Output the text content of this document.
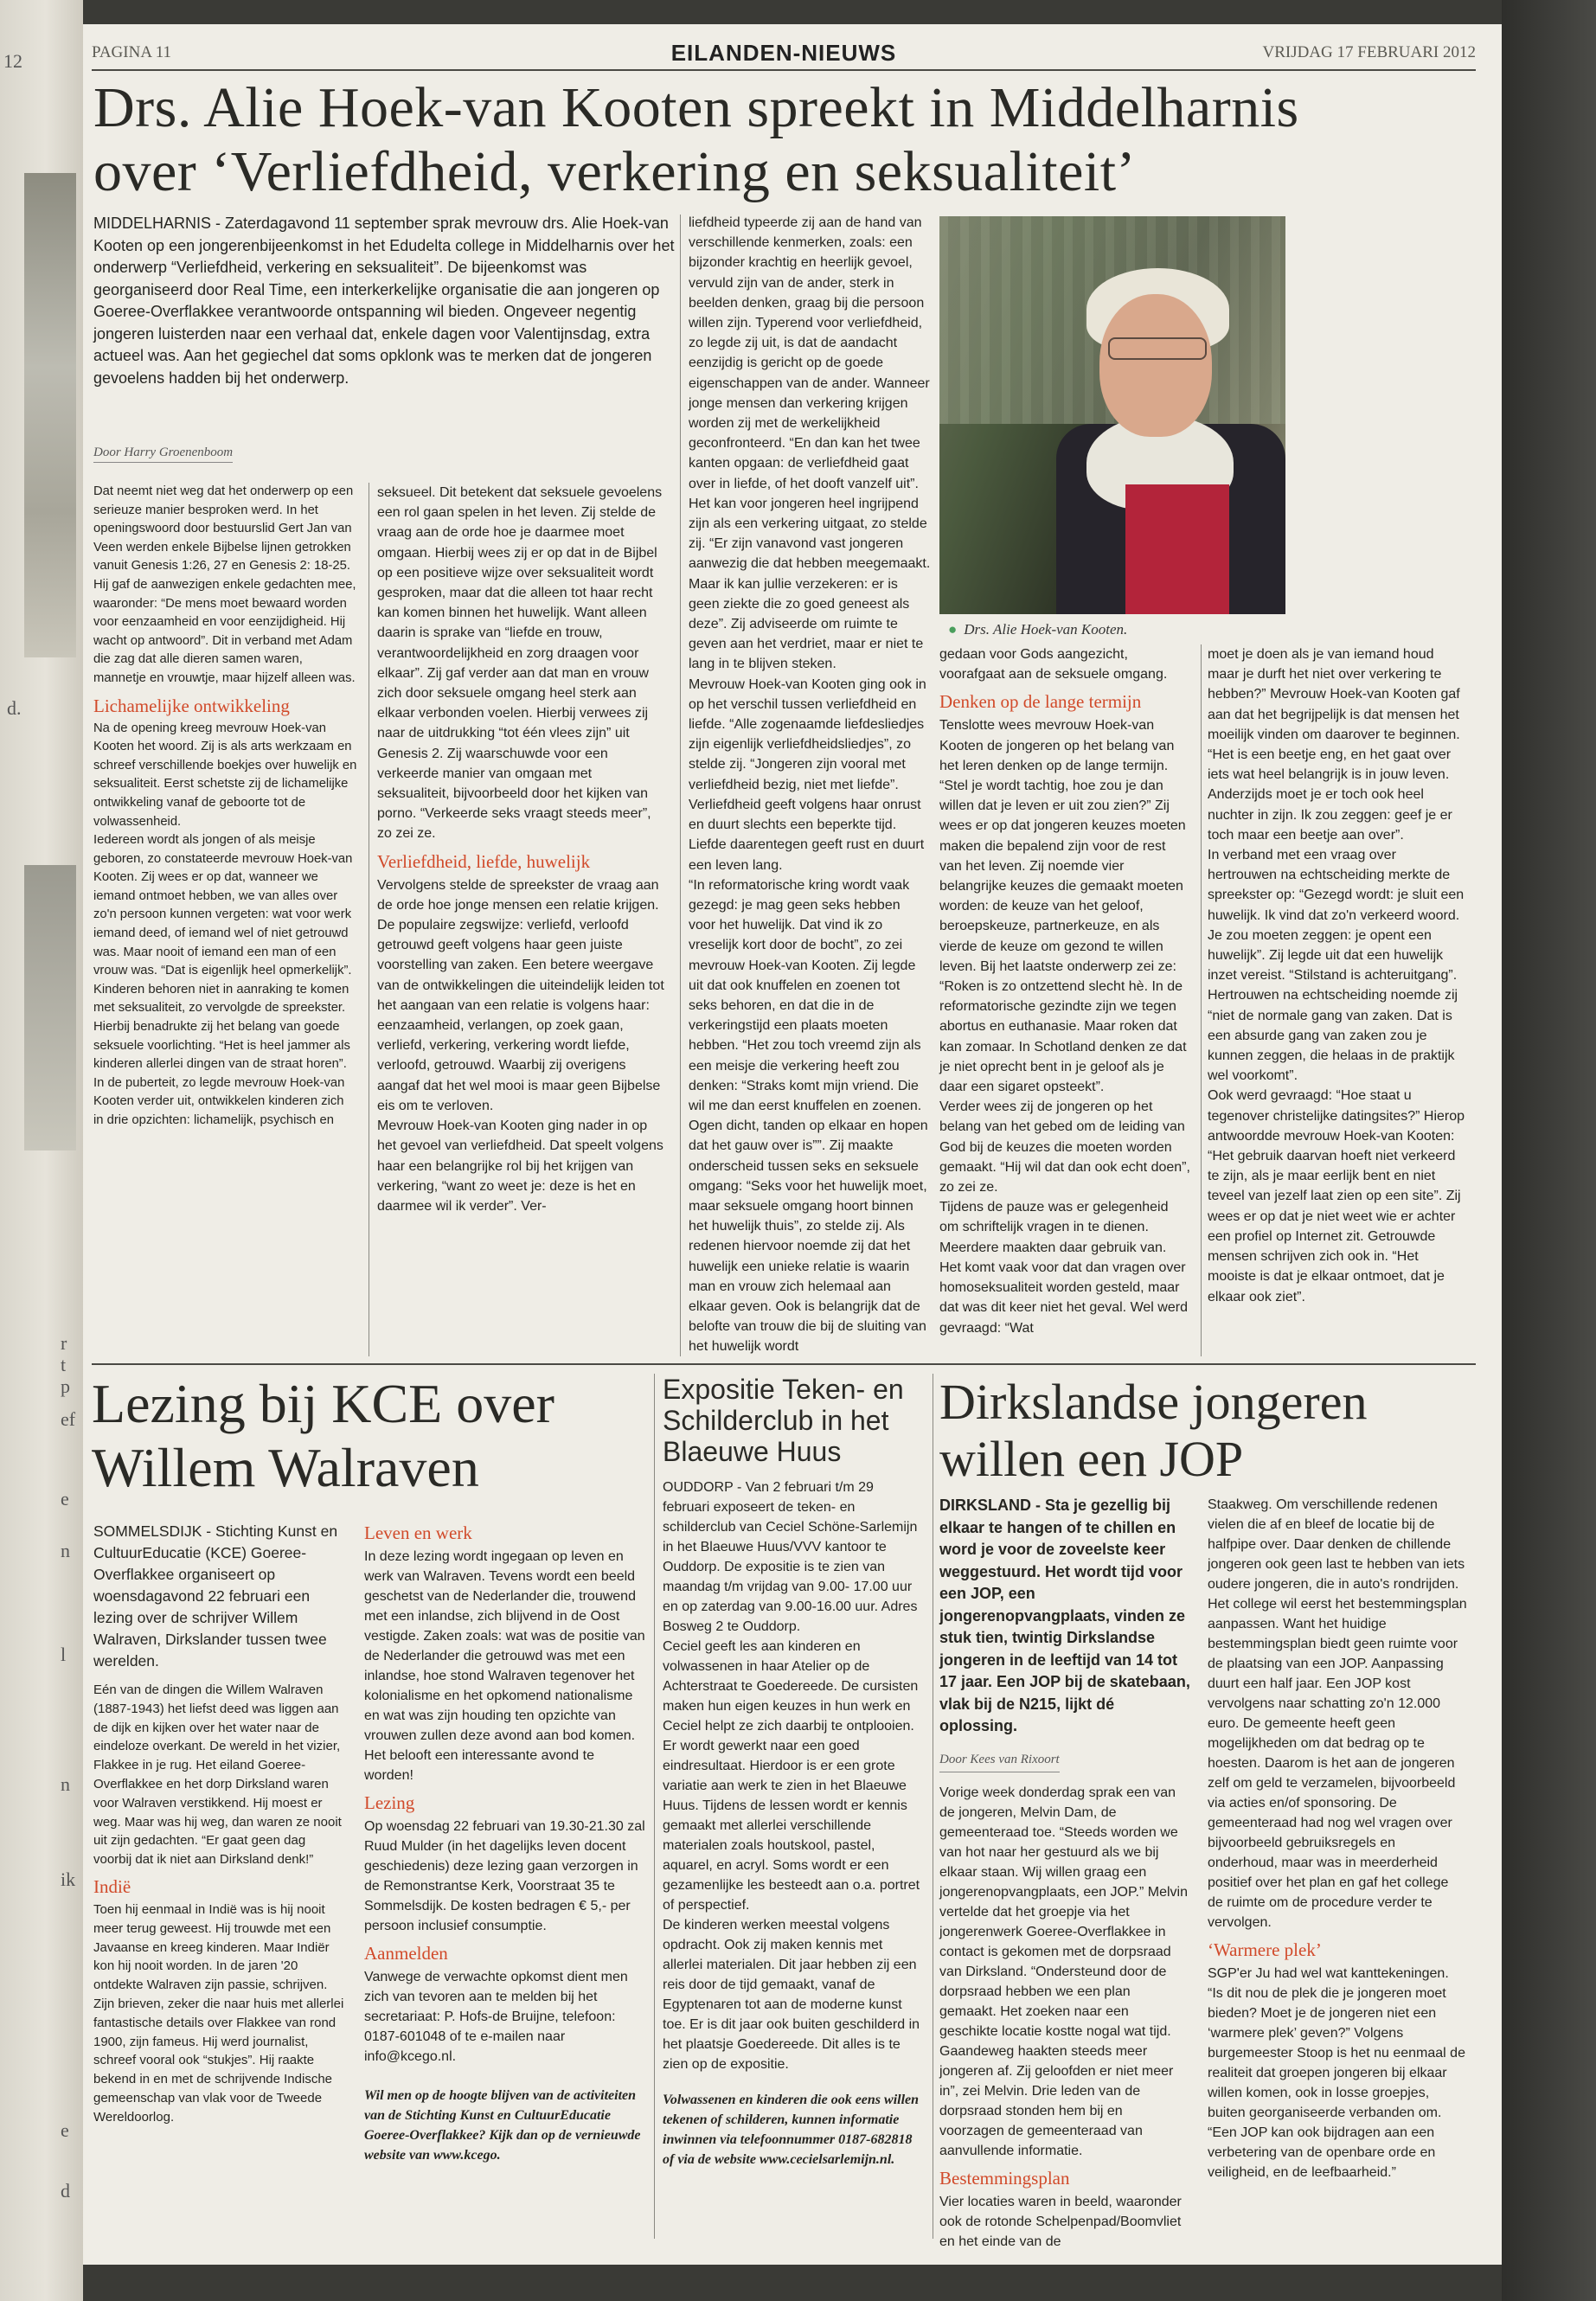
12
d.
r
t
p
ef
e
n
l
n
ik
e
d
PAGINA 11	EILANDEN-NIEUWS	VRIJDAG 17 FEBRUARI 2012
Drs. Alie Hoek-van Kooten spreekt in Middelharnis
over ‘Verliefdheid, verkering en seksualiteit’
MIDDELHARNIS - Zaterdagavond 11 september sprak mevrouw drs. Alie Hoek-van Kooten op een jongerenbijeenkomst in het Edudelta college in Middelharnis over het onderwerp “Verliefdheid, verkering en seksualiteit”. De bijeenkomst was georganiseerd door Real Time, een interkerkelijke organisatie die aan jongeren op Goeree-Overflakkee verantwoorde ontspanning wil bieden. Ongeveer negentig jongeren luisterden naar een verhaal dat, enkele dagen voor Valentijnsdag, extra actueel was. Aan het gegiechel dat soms opklonk was te merken dat de jongeren gevoelens hadden bij het onderwerp.
Door Harry Groenenboom

Dat neemt niet weg dat het onderwerp op een serieuze manier besproken werd. In het openingswoord door bestuurslid Gert Jan van Veen werden enkele Bijbelse lijnen getrokken vanuit Genesis 1:26, 27 en Genesis 2: 18-25. Hij gaf de aanwezigen enkele gedachten mee, waaronder: “De mens moet bewaard worden voor eenzaamheid en voor eenzijdigheid. Hij wacht op antwoord”. Dit in verband met Adam die zag dat alle dieren samen waren, mannetje en vrouwtje, maar hijzelf alleen was.

Lichamelijke ontwikkeling

Na de opening kreeg mevrouw Hoek-van Kooten het woord. Zij is als arts werkzaam en schreef verschillende boekjes over huwelijk en seksualiteit. Eerst schetste zij de lichamelijke ontwikkeling vanaf de geboorte tot de volwassenheid.

Iedereen wordt als jongen of als meisje geboren, zo constateerde mevrouw Hoek-van Kooten. Zij wees er op dat, wanneer we iemand ontmoet hebben, we van alles over zo'n persoon kunnen vergeten: wat voor werk iemand deed, of iemand wel of niet getrouwd was. Maar nooit of iemand een man of een vrouw was. “Dat is eigenlijk heel opmerkelijk”.

Kinderen behoren niet in aanraking te komen met seksualiteit, zo vervolgde de spreekster. Hierbij benadrukte zij het belang van goede seksuele voorlichting. “Het is heel jammer als kinderen allerlei dingen van de straat horen”.

In de puberteit, zo legde mevrouw Hoek-van Kooten verder uit, ontwikkelen kinderen zich in drie opzichten: lichamelijk, psychisch en

seksueel. Dit betekent dat seksuele gevoelens een rol gaan spelen in het leven. Zij stelde de vraag aan de orde hoe je daarmee moet omgaan. Hierbij wees zij er op dat in de Bijbel op een positieve wijze over seksualiteit wordt gesproken, maar dat die alleen tot haar recht kan komen binnen het huwelijk. Want alleen daarin is sprake van “liefde en trouw, verantwoordelijkheid en zorg draagen voor elkaar”. Zij gaf verder aan dat man en vrouw zich door seksuele omgang heel sterk aan elkaar verbonden voelen. Hierbij verwees zij naar de uitdrukking “tot één vlees zijn” uit Genesis 2. Zij waarschuwde voor een verkeerde manier van omgaan met seksualiteit, bijvoorbeeld door het kijken van porno. “Verkeerde seks vraagt steeds meer”, zo zei ze.

Verliefdheid, liefde, huwelijk

Vervolgens stelde de spreekster de vraag aan de orde hoe jonge mensen een relatie krijgen. De populaire zegswijze: verliefd, verloofd getrouwd geeft volgens haar geen juiste voorstelling van zaken. Een betere weergave van de ontwikkelingen die uiteindelijk leiden tot het aangaan van een relatie is volgens haar: eenzaamheid, verlangen, op zoek gaan, verliefd, verkering, verkering wordt liefde, verloofd, getrouwd. Waarbij zij overigens aangaf dat het wel mooi is maar geen Bijbelse eis om te verloven.

Mevrouw Hoek-van Kooten ging nader in op het gevoel van verliefdheid. Dat speelt volgens haar een belangrijke rol bij het krijgen van verkering, “want zo weet je: deze is het en daarmee wil ik verder”. Ver-

liefdheid typeerde zij aan de hand van verschillende kenmerken, zoals: een bijzonder krachtig en heerlijk gevoel, vervuld zijn van de ander, sterk in beelden denken, graag bij die persoon willen zijn. Typerend voor verliefdheid, zo legde zij uit, is dat de aandacht eenzijdig is gericht op de goede eigenschappen van de ander. Wanneer jonge mensen dan verkering krijgen worden zij met de werkelijkheid geconfronteerd. “En dan kan het twee kanten opgaan: de verliefdheid gaat over in liefde, of het dooft vanzelf uit”. Het kan voor jongeren heel ingrijpend zijn als een verkering uitgaat, zo stelde zij. “Er zijn vanavond vast jongeren aanwezig die dat hebben meegemaakt. Maar ik kan jullie verzekeren: er is geen ziekte die zo goed geneest als deze”. Zij adviseerde om ruimte te geven aan het verdriet, maar er niet te lang in te blijven steken.

Mevrouw Hoek-van Kooten ging ook in op het verschil tussen verliefdheid en liefde. “Alle zogenaamde liefdesliedjes zijn eigenlijk verliefdheidsliedjes”, zo stelde zij. “Jongeren zijn vooral met verliefdheid bezig, niet met liefde”. Verliefdheid geeft volgens haar onrust en duurt slechts een beperkte tijd. Liefde daarentegen geeft rust en duurt een leven lang.

“In reformatorische kring wordt vaak gezegd: je mag geen seks hebben voor het huwelijk. Dat vind ik zo vreselijk kort door de bocht”, zo zei mevrouw Hoek-van Kooten. Zij legde uit dat ook knuffelen en zoenen tot seks behoren, en dat die in de verkeringstijd een plaats moeten hebben. “Het zou toch vreemd zijn als een meisje die verkering heeft zou denken: “Straks komt mijn vriend. Die wil me dan eerst knuffelen en zoenen. Ogen dicht, tanden op elkaar en hopen dat het gauw over is””. Zij maakte onderscheid tussen seks en seksuele omgang: “Seks voor het huwelijk moet, maar seksuele omgang hoort binnen het huwelijk thuis”, zo stelde zij. Als redenen hiervoor noemde zij dat het huwelijk een unieke relatie is waarin man en vrouw zich helemaal aan elkaar geven. Ook is belangrijk dat de belofte van trouw die bij de sluiting van het huwelijk wordt

● Drs. Alie Hoek-van Kooten.

gedaan voor Gods aangezicht, voorafgaat aan de seksuele omgang.

Denken op de lange termijn

Tenslotte wees mevrouw Hoek-van Kooten de jongeren op het belang van het leren denken op de lange termijn. “Stel je wordt tachtig, hoe zou je dan willen dat je leven er uit zou zien?” Zij wees er op dat jongeren keuzes moeten maken die bepalend zijn voor de rest van het leven. Zij noemde vier belangrijke keuzes die gemaakt moeten worden: de keuze van het geloof, beroepskeuze, partnerkeuze, en als vierde de keuze om gezond te willen leven. Bij het laatste onderwerp zei ze: “Roken is zo ontzettend slecht hè. In de reformatorische gezindte zijn we tegen abortus en euthanasie. Maar roken dat kan zomaar. In Schotland denken ze dat je niet oprecht bent in je geloof als je daar een sigaret opsteekt”.

Verder wees zij de jongeren op het belang van het gebed om de leiding van God bij de keuzes die moeten worden gemaakt. “Hij wil dat dan ook echt doen”, zo zei ze.

Tijdens de pauze was er gelegenheid om schriftelijk vragen in te dienen. Meerdere maakten daar gebruik van. Het komt vaak voor dat dan vragen over homoseksualiteit worden gesteld, maar dat was dit keer niet het geval. Wel werd gevraagd: “Wat

moet je doen als je van iemand houd maar je durft het niet over verkering te hebben?” Mevrouw Hoek-van Kooten gaf aan dat het begrijpelijk is dat mensen het moeilijk vinden om daarover te beginnen. “Het is een beetje eng, en het gaat over iets wat heel belangrijk is in jouw leven. Anderzijds moet je er toch ook heel nuchter in zijn. Ik zou zeggen: geef je er toch maar een beetje aan over”.

In verband met een vraag over hertrouwen na echtscheiding merkte de spreekster op: “Gezegd wordt: je sluit een huwelijk. Ik vind dat zo'n verkeerd woord. Je zou moeten zeggen: je opent een huwelijk”. Zij legde uit dat een huwelijk inzet vereist. “Stilstand is achteruitgang”. Hertrouwen na echtscheiding noemde zij “niet de normale gang van zaken. Dat is een absurde gang van zaken zou je kunnen zeggen, die helaas in de praktijk wel voorkomt”.

Ook werd gevraagd: “Hoe staat u tegenover christelijke datingsites?” Hierop antwoordde mevrouw Hoek-van Kooten: “Het gebruik daarvan hoeft niet verkeerd te zijn, als je maar eerlijk bent en niet teveel van jezelf laat zien op een site”. Zij wees er op dat je niet weet wie er achter een profiel op Internet zit. Getrouwde mensen schrijven zich ook in. “Het mooiste is dat je elkaar ontmoet, dat je elkaar ook ziet”.

Lezing bij KCE over
Willem Walraven

SOMMELSDIJK - Stichting Kunst en CultuurEducatie (KCE) Goeree-Overflakkee organiseert op woensdagavond 22 februari een lezing over de schrijver Willem Walraven, Dirkslander tussen twee werelden.

Eén van de dingen die Willem Walraven (1887-1943) het liefst deed was liggen aan de dijk en kijken over het water naar de eindeloze overkant. De wereld in het vizier, Flakkee in je rug. Het eiland Goeree-Overflakkee en het dorp Dirksland waren voor Walraven verstikkend. Hij moest er weg. Maar was hij weg, dan waren ze nooit uit zijn gedachten. “Er gaat geen dag voorbij dat ik niet aan Dirksland denk!”

Indië

Toen hij eenmaal in Indië was is hij nooit meer terug geweest. Hij trouwde met een Javaanse en kreeg kinderen. Maar Indiër kon hij nooit worden. In de jaren '20 ontdekte Walraven zijn passie, schrijven. Zijn brieven, zeker die naar huis met allerlei fantastische details over Flakkee van rond 1900, zijn fameus. Hij werd journalist, schreef vooral ook “stukjes”. Hij raakte bekend in en met de schrijvende Indische gemeenschap van vlak voor de Tweede Wereldoorlog.

Leven en werk

In deze lezing wordt ingegaan op leven en werk van Walraven. Tevens wordt een beeld geschetst van de Nederlander die, trouwend met een inlandse, zich blijvend in de Oost vestigde. Zaken zoals: wat was de positie van de Nederlander die getrouwd was met een inlandse, hoe stond Walraven tegenover het kolonialisme en het opkomend nationalisme en wat was zijn houding ten opzichte van vrouwen zullen deze avond aan bod komen. Het belooft een interessante avond te worden!

Lezing

Op woensdag 22 februari van 19.30-21.30 zal Ruud Mulder (in het dagelijks leven docent geschiedenis) deze lezing gaan verzorgen in de Remonstrantse Kerk, Voorstraat 35 te Sommelsdijk. De kosten bedragen € 5,- per persoon inclusief consumptie.

Aanmelden

Vanwege de verwachte opkomst dient men zich van tevoren aan te melden bij het secretariaat: P. Hofs-de Bruijne, telefoon: 0187-601048 of te e-mailen naar info@kcego.nl.

Wil men op de hoogte blijven van de activiteiten van de Stichting Kunst en CultuurEducatie Goeree-Overflakkee? Kijk dan op de vernieuwde website van www.kcego.

Expositie Teken- en Schilderclub in het Blaeuwe Huus

OUDDORP - Van 2 februari t/m 29 februari exposeert de teken- en schilderclub van Ceciel Schöne-Sarlemijn in het Blaeuwe Huus/VVV kantoor te Ouddorp. De expositie is te zien van maandag t/m vrijdag van 9.00- 17.00 uur en op zaterdag van 9.00-16.00 uur. Adres Bosweg 2 te Ouddorp.

Ceciel geeft les aan kinderen en volwassenen in haar Atelier op de Achterstraat te Goedereede. De cursisten maken hun eigen keuzes in hun werk en Ceciel helpt ze zich daarbij te ontplooien. Er wordt gewerkt naar een goed eindresultaat. Hierdoor is er een grote variatie aan werk te zien in het Blaeuwe Huus. Tijdens de lessen wordt er kennis gemaakt met allerlei verschillende materialen zoals houtskool, pastel, aquarel, en acryl. Soms wordt er een gezamenlijke les besteedt aan o.a. portret of perspectief.

De kinderen werken meestal volgens opdracht. Ook zij maken kennis met allerlei materialen. Dit jaar hebben zij een reis door de tijd gemaakt, vanaf de Egyptenaren tot aan de moderne kunst toe. Er is dit jaar ook buiten geschilderd in het plaatsje Goedereede. Dit alles is te zien op de expositie.

Volwassenen en kinderen die ook eens willen tekenen of schilderen, kunnen informatie inwinnen via telefoonnummer 0187-682818 of via de website www.cecielsarlemijn.nl.

Dirkslandse jongeren
willen een JOP

DIRKSLAND - Sta je gezellig bij elkaar te hangen of te chillen en word je voor de zoveelste keer weggestuurd. Het wordt tijd voor een JOP, een jongerenopvangplaats, vinden ze stuk tien, twintig Dirkslandse jongeren in de leeftijd van 14 tot 17 jaar. Een JOP bij de skatebaan, vlak bij de N215, lijkt dé oplossing.

Door Kees van Rixoort

Vorige week donderdag sprak een van de jongeren, Melvin Dam, de gemeenteraad toe. “Steeds worden we van hot naar her gestuurd als we bij elkaar staan. Wij willen graag een jongerenopvangplaats, een JOP.” Melvin vertelde dat het groepje via het jongerenwerk Goeree-Overflakkee in contact is gekomen met de dorpsraad van Dirksland. “Ondersteund door de dorpsraad hebben we een plan gemaakt. Het zoeken naar een geschikte locatie kostte nogal wat tijd. Gaandeweg haakten steeds meer jongeren af. Zij geloofden er niet meer in”, zei Melvin. Drie leden van de dorpsraad stonden hem bij en voorzagen de gemeenteraad van aanvullende informatie.

Bestemmingsplan

Vier locaties waren in beeld, waaronder ook de rotonde Schelpenpad/Boomvliet en het einde van de

Staakweg. Om verschillende redenen vielen die af en bleef de locatie bij de halfpipe over. Daar denken de chillende jongeren ook geen last te hebben van iets oudere jongeren, die in auto's rondrijden.

Het college wil eerst het bestemmingsplan aanpassen. Want het huidige bestemmingsplan biedt geen ruimte voor de plaatsing van een JOP. Aanpassing duurt een half jaar. Een JOP kost vervolgens naar schatting zo'n 12.000 euro. De gemeente heeft geen mogelijkheden om dat bedrag op te hoesten. Daarom is het aan de jongeren zelf om geld te verzamelen, bijvoorbeeld via acties en/of sponsoring. De gemeenteraad had nog wel vragen over bijvoorbeeld gebruiksregels en onderhoud, maar was in meerderheid positief over het plan en gaf het college de ruimte om de procedure verder te vervolgen.

‘Warmere plek’

SGP'er Ju had wel wat kanttekeningen. “Is dit nou de plek die je jongeren moet bieden? Moet je de jongeren niet een ‘warmere plek’ geven?” Volgens burgemeester Stoop is het nu eenmaal de realiteit dat groepen jongeren bij elkaar willen komen, ook in losse groepjes, buiten georganiseerde verbanden om. “Een JOP kan ook bijdragen aan een verbetering van de openbare orde en veiligheid, en de leefbaarheid.”
